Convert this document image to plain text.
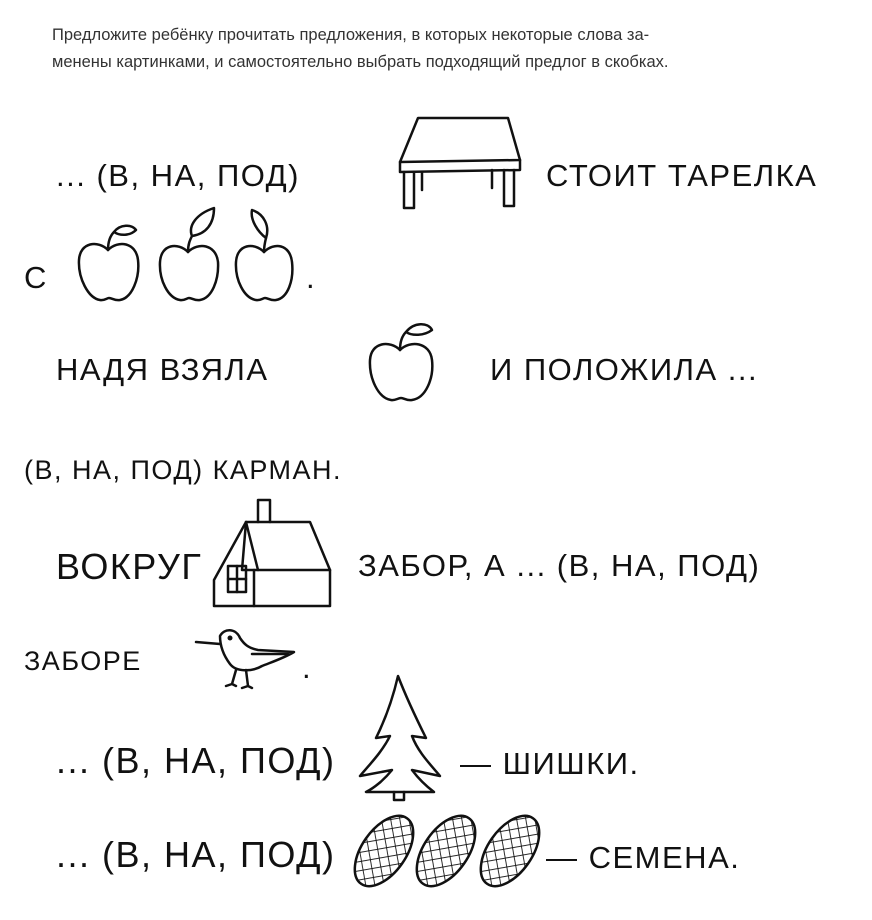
Предложите ребёнку прочитать предложения, в которых некоторые слова за-
менены картинками, и самостоятельно выбрать подходящий предлог в скобках.
... (В, НА, ПОД)	СТОИТ ТАРЕЛКА
С	.
НАДЯ ВЗЯЛА	И ПОЛОЖИЛА ...
(В, НА, ПОД) КАРМАН.
ВОКРУГ	ЗАБОР, А ... (В, НА, ПОД)
ЗАБОРЕ	.
... (В, НА, ПОД)	— ШИШКИ.
... (В, НА, ПОД)	— СЕМЕНА.
